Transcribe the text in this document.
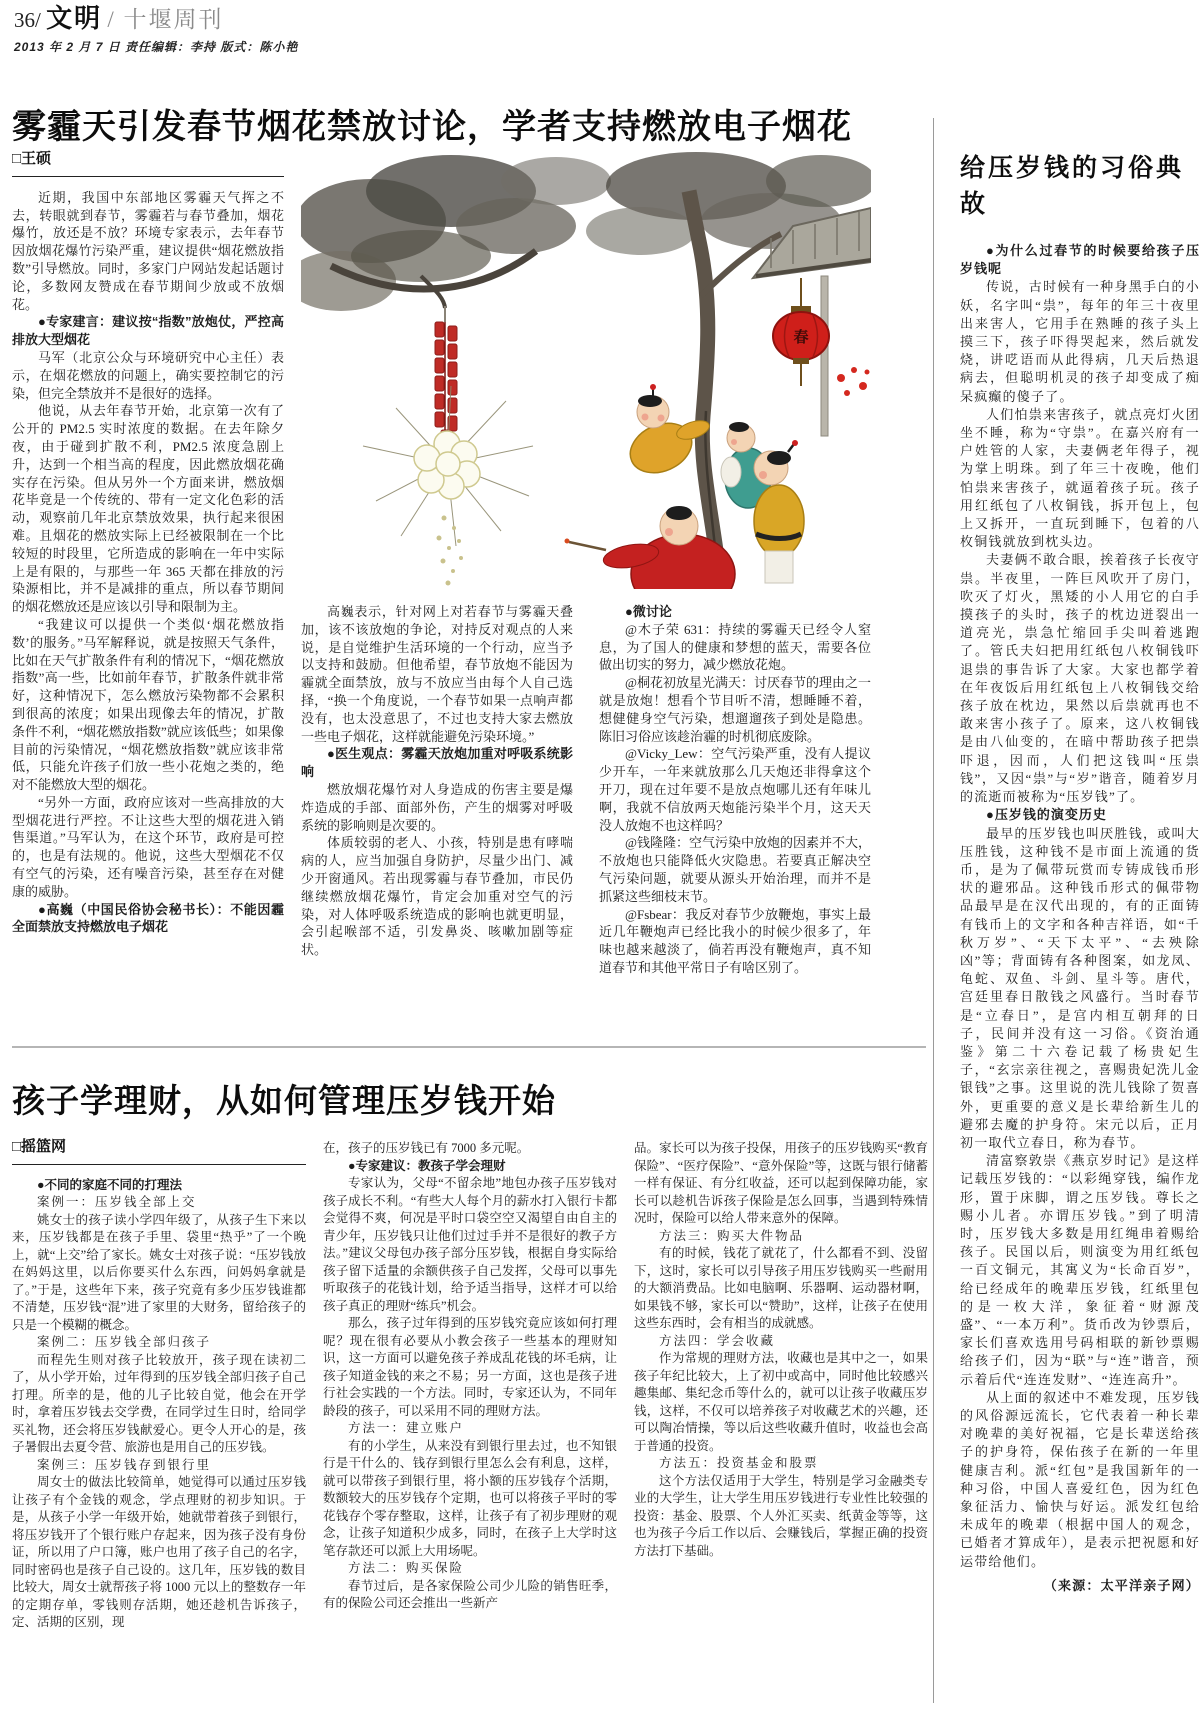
36/ 文明 / 十堰周刊
2013 年 2 月 7 日 责任编辑：李持 版式：陈小艳
雾霾天引发春节烟花禁放讨论，学者支持燃放电子烟花
□王硕

近期，我国中东部地区雾霾天气挥之不去，转眼就到春节，雾霾若与春节叠加，烟花爆竹，放还是不放？环境专家表示，去年春节因放烟花爆竹污染严重，建议提供“烟花燃放指数”引导燃放。同时，多家门户网站发起话题讨论，多数网友赞成在春节期间少放或不放烟花。

●专家建言：建议按“指数”放炮仗，严控高排放大型烟花

马军（北京公众与环境研究中心主任）表示，在烟花燃放的问题上，确实要控制它的污染，但完全禁放并不是很好的选择。

他说，从去年春节开始，北京第一次有了公开的 PM2.5 实时浓度的数据。在去年除夕夜，由于碰到扩散不利，PM2.5 浓度急剧上升，达到一个相当高的程度，因此燃放烟花确实存在污染。但从另外一个方面来讲，燃放烟花毕竟是一个传统的、带有一定文化色彩的活动，观察前几年北京禁放效果，执行起来很困难。且烟花的燃放实际上已经被限制在一个比较短的时段里，它所造成的影响在一年中实际上是有限的，与那些一年 365 天都在排放的污染源相比，并不是减排的重点，所以春节期间的烟花燃放还是应该以引导和限制为主。

“我建议可以提供一个类似‘烟花燃放指数’的服务。”马军解释说，就是按照天气条件，比如在天气扩散条件有利的情况下，“烟花燃放指数”高一些，比如前年春节，扩散条件就非常好，这种情况下，怎么燃放污染物都不会累积到很高的浓度；如果出现像去年的情况，扩散条件不利，“烟花燃放指数”就应该低些；如果像目前的污染情况，“烟花燃放指数”就应该非常低，只能允许孩子们放一些小花炮之类的，绝对不能燃放大型的烟花。

“另外一方面，政府应该对一些高排放的大型烟花进行严控。不让这些大型的烟花进入销售渠道。”马军认为，在这个环节，政府是可控的，也是有法规的。他说，这些大型烟花不仅有空气的污染，还有噪音污染，甚至存在对健康的威胁。

●高巍（中国民俗协会秘书长）：不能因霾全面禁放支持燃放电子烟花

春

高巍表示，针对网上对若春节与雾霾天叠加，该不该放炮的争论，对持反对观点的人来说，是自觉维护生活环境的一个行动，应当予以支持和鼓励。但他希望，春节放炮不能因为霾就全面禁放，放与不放应当由每个人自己选择，“换一个角度说，一个春节如果一点响声都没有，也太没意思了，不过也支持大家去燃放一些电子烟花，这样就能避免污染环境。”

●医生观点：雾霾天放炮加重对呼吸系统影响

燃放烟花爆竹对人身造成的伤害主要是爆炸造成的手部、面部外伤，产生的烟雾对呼吸系统的影响则是次要的。

体质较弱的老人、小孩，特别是患有哮喘病的人，应当加强自身防护，尽量少出门、减少开窗通风。若出现雾霾与春节叠加，市民仍继续燃放烟花爆竹，肯定会加重对空气的污染，对人体呼吸系统造成的影响也就更明显，会引起喉部不适，引发鼻炎、咳嗽加剧等症状。

●微讨论

@木子荣 631：持续的雾霾天已经令人窒息，为了国人的健康和梦想的蓝天，需要各位做出切实的努力，减少燃放花炮。

@桐花初放星光满天：讨厌春节的理由之一就是放炮！想看个节目听不清，想睡睡不着，想健健身空气污染，想遛遛孩子到处是隐患。陈旧习俗应该趁治霾的时机彻底废除。

@Vicky_Lew：空气污染严重，没有人提议少开车，一年来就放那么几天炮还非得拿这个开刀，现在过年要不是放点炮哪儿还有年味儿啊，我就不信放两天炮能污染半个月，这天天没人放炮不也这样吗？

@钱隆隆：空气污染中放炮的因素并不大，不放炮也只能降低火灾隐患。若要真正解决空气污染问题，就要从源头开始治理，而并不是抓紧这些细枝末节。

@Fsbear：我反对春节少放鞭炮，事实上最近几年鞭炮声已经比我小的时候少很多了，年味也越来越淡了，倘若再没有鞭炮声，真不知道春节和其他平常日子有啥区别了。

给压岁钱的习俗典故

●为什么过春节的时候要给孩子压岁钱呢

传说，古时候有一种身黑手白的小妖，名字叫“祟”，每年的年三十夜里出来害人，它用手在熟睡的孩子头上摸三下，孩子吓得哭起来，然后就发烧，讲呓语而从此得病，几天后热退病去，但聪明机灵的孩子却变成了痴呆疯癫的傻子了。

人们怕祟来害孩子，就点亮灯火团坐不睡，称为“守祟”。在嘉兴府有一户姓管的人家，夫妻俩老年得子，视为掌上明珠。到了年三十夜晚，他们怕祟来害孩子，就逼着孩子玩。孩子用红纸包了八枚铜钱，拆开包上，包上又拆开，一直玩到睡下，包着的八枚铜钱就放到枕头边。

夫妻俩不敢合眼，挨着孩子长夜守祟。半夜里，一阵巨风吹开了房门，吹灭了灯火，黑矮的小人用它的白手摸孩子的头时，孩子的枕边迸裂出一道亮光，祟急忙缩回手尖叫着逃跑了。管氏夫妇把用红纸包八枚铜钱吓退祟的事告诉了大家。大家也都学着在年夜饭后用红纸包上八枚铜钱交给孩子放在枕边，果然以后祟就再也不敢来害小孩子了。原来，这八枚铜钱是由八仙变的，在暗中帮助孩子把祟吓退，因而，人们把这钱叫“压祟钱”，又因“祟”与“岁”谐音，随着岁月的流逝而被称为“压岁钱”了。

●压岁钱的演变历史

最早的压岁钱也叫厌胜钱，或叫大压胜钱，这种钱不是市面上流通的货币，是为了佩带玩赏而专铸成钱币形状的避邪品。这种钱币形式的佩带物品最早是在汉代出现的，有的正面铸有钱币上的文字和各种吉祥语，如“千秋万岁”、“天下太平”、“去殃除凶”等；背面铸有各种图案，如龙凤、龟蛇、双鱼、斗剑、星斗等。唐代，宫廷里春日散钱之风盛行。当时春节是“立春日”，是宫内相互朝拜的日子，民间并没有这一习俗。《资治通鉴》第二十六卷记载了杨贵妃生子，“玄宗亲往视之，喜赐贵妃洗儿金银钱”之事。这里说的洗儿钱除了贺喜外，更重要的意义是长辈给新生儿的避邪去魔的护身符。宋元以后，正月初一取代立春日，称为春节。

清富察敦崇《燕京岁时记》是这样记载压岁钱的：“以彩绳穿钱，编作龙形，置于床脚，谓之压岁钱。尊长之赐小儿者。亦谓压岁钱。”到了明清时，压岁钱大多数是用红绳串着赐给孩子。民国以后，则演变为用红纸包一百文铜元，其寓义为“长命百岁”，给已经成年的晚辈压岁钱，红纸里包的是一枚大洋，象征着“财源茂盛”、“一本万利”。货币改为钞票后，家长们喜欢选用号码相联的新钞票赐给孩子们，因为“联”与“连”谐音，预示着后代“连连发财”、“连连高升”。

从上面的叙述中不难发现，压岁钱的风俗源远流长，它代表着一种长辈对晚辈的美好祝福，它是长辈送给孩子的护身符，保佑孩子在新的一年里健康吉利。派“红包”是我国新年的一种习俗，中国人喜爱红色，因为红色象征活力、愉快与好运。派发红包给未成年的晚辈（根据中国人的观念，已婚者才算成年），是表示把祝愿和好运带给他们。

（来源：太平洋亲子网）

孩子学理财，从如何管理压岁钱开始
□摇篮网

●不同的家庭不同的打理法

案例一：压岁钱全部上交

姚女士的孩子读小学四年级了，从孩子生下来以来，压岁钱都是在孩子手里、袋里“热乎”了一个晚上，就“上交”给了家长。姚女士对孩子说：“压岁钱放在妈妈这里，以后你要买什么东西，问妈妈拿就是了。”于是，这些年下来，孩子究竟有多少压岁钱谁都不清楚，压岁钱“混”进了家里的大财务，留给孩子的只是一个模糊的概念。

案例二：压岁钱全部归孩子

而程先生则对孩子比较放开，孩子现在读初二了，从小学开始，过年得到的压岁钱全部归孩子自己打理。所幸的是，他的儿子比较自觉，他会在开学时，拿着压岁钱去交学费，在同学过生日时，给同学买礼物，还会将压岁钱献爱心。更令人开心的是，孩子暑假出去夏令营、旅游也是用自己的压岁钱。

案例三：压岁钱存到银行里

周女士的做法比较简单，她觉得可以通过压岁钱让孩子有个金钱的观念，学点理财的初步知识。于是，从孩子小学一年级开始，她就带着孩子到银行，将压岁钱开了个银行账户存起来，因为孩子没有身份证，所以用了户口簿，账户也用了孩子自己的名字，同时密码也是孩子自己设的。这几年，压岁钱的数目比较大，周女士就帮孩子将 1000 元以上的整数存一年的定期存单，零钱则存活期，她还趁机告诉孩子，定、活期的区别，现

在，孩子的压岁钱已有 7000 多元呢。

●专家建议：教孩子学会理财

专家认为，父母“不留余地”地包办孩子压岁钱对孩子成长不利。“有些大人每个月的薪水打入银行卡都会觉得不爽，何况是平时口袋空空又渴望自由自主的青少年，压岁钱只让他们过过手并不是很好的教子方法。”建议父母包办孩子部分压岁钱，根据自身实际给孩子留下适量的余额供孩子自己发挥，父母可以事先听取孩子的花钱计划，给予适当指导，这样才可以给孩子真正的理财“练兵”机会。

那么，孩子过年得到的压岁钱究竟应该如何打理呢？现在很有必要从小教会孩子一些基本的理财知识，这一方面可以避免孩子养成乱花钱的坏毛病，让孩子知道金钱的来之不易；另一方面，这也是孩子进行社会实践的一个方法。同时，专家还认为，不同年龄段的孩子，可以采用不同的理财方法。

方法一：建立账户

有的小学生，从来没有到银行里去过，也不知银行是干什么的、钱存到银行里怎么会有利息，这样，就可以带孩子到银行里，将小额的压岁钱存个活期，数额较大的压岁钱存个定期，也可以将孩子平时的零花钱存个零存整取，这样，让孩子有了初步理财的观念，让孩子知道积少成多，同时，在孩子上大学时这笔存款还可以派上大用场呢。

方法二：购买保险

春节过后，是各家保险公司少儿险的销售旺季，有的保险公司还会推出一些新产

品。家长可以为孩子投保，用孩子的压岁钱购买“教育保险”、“医疗保险”、“意外保险”等，这既与银行储蓄一样有保证、有分红收益，还可以起到保障功能，家长可以趁机告诉孩子保险是怎么回事，当遇到特殊情况时，保险可以给人带来意外的保障。

方法三：购买大件物品

有的时候，钱花了就花了，什么都看不到、没留下，这时，家长可以引导孩子用压岁钱购买一些耐用的大额消费品。比如电脑啊、乐器啊、运动器材啊，如果钱不够，家长可以“赞助”，这样，让孩子在使用这些东西时，会有相当的成就感。

方法四：学会收藏

作为常规的理财方法，收藏也是其中之一，如果孩子年纪比较大，上了初中或高中，同时他比较感兴趣集邮、集纪念币等什么的，就可以让孩子收藏压岁钱，这样，不仅可以培养孩子对收藏艺术的兴趣，还可以陶冶情操，等以后这些收藏升值时，收益也会高于普通的投资。

方法五：投资基金和股票

这个方法仅适用于大学生，特别是学习金融类专业的大学生，让大学生用压岁钱进行专业性比较强的投资：基金、股票、个人外汇买卖、纸黄金等等，这也为孩子今后工作以后、会赚钱后，掌握正确的投资方法打下基础。
